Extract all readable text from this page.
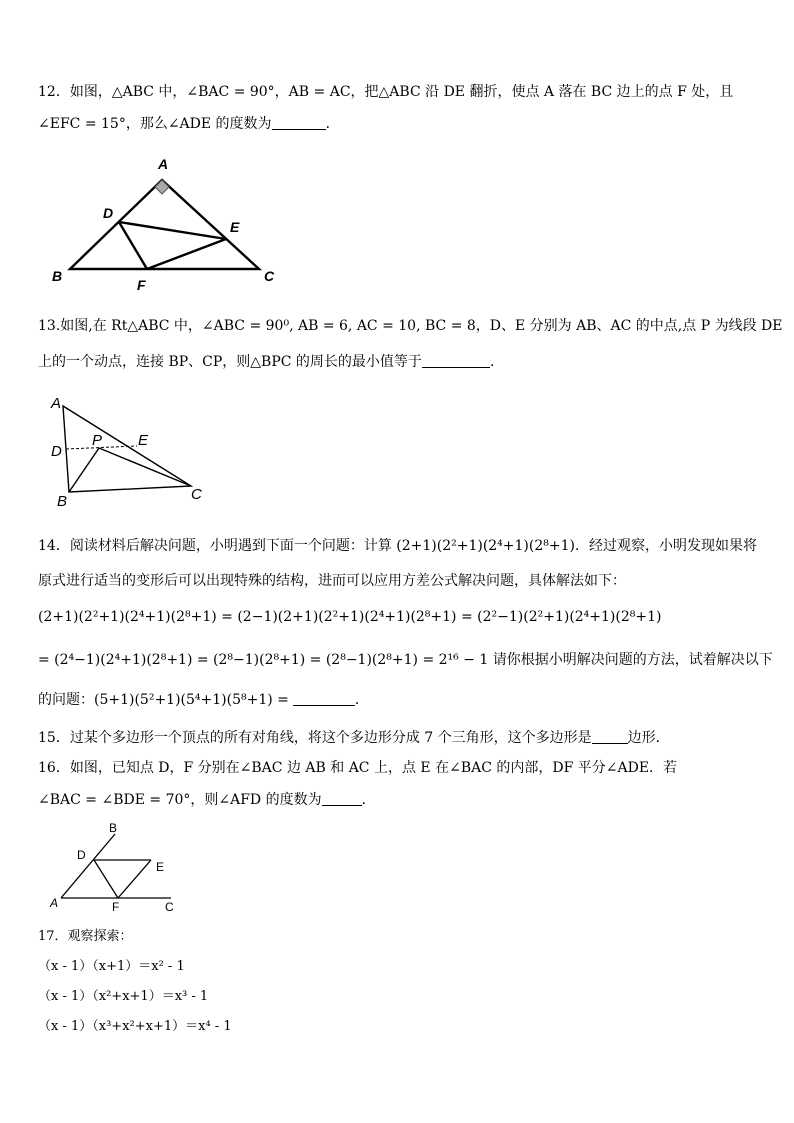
12．如图，△ABC 中，∠BAC = 90°，AB = AC，把△ABC 沿 DE 翻折，使点 A 落在 BC 边上的点 F 处，且
∠EFC = 15°，那么∠ADE 的度数为	．
A
B	C
D
E
F
13.如图,在 Rt△ABC 中，∠ABC = 90⁰, AB = 6, AC = 10, BC = 8，D、E 分别为 AB、AC 的中点,点 P 为线段 DE
上的一个动点，连接 BP、CP，则△BPC 的周长的最小值等于	．
A
B	C
D
E
P
14．阅读材料后解决问题，小明遇到下面一个问题：计算 (2+1)(2²+1)(2⁴+1)(2⁸+1)．经过观察，小明发现如果将
原式进行适当的变形后可以出现特殊的结构，进而可以应用方差公式解决问题，具体解法如下：
(2+1)(2²+1)(2⁴+1)(2⁸+1) = (2−1)(2+1)(2²+1)(2⁴+1)(2⁸+1) = (2²−1)(2²+1)(2⁴+1)(2⁸+1)
= (2⁴−1)(2⁴+1)(2⁸+1) = (2⁸−1)(2⁸+1) = (2⁸−1)(2⁸+1) = 2¹⁶ − 1 请你根据小明解决问题的方法，试着解决以下
的问题：(5+1)(5²+1)(5⁴+1)(5⁸+1) =	．
15．过某个多边形一个顶点的所有对角线，将这个多边形分成 7 个三角形，这个多边形是	边形．
16．如图，已知点 D，F 分别在∠BAC 边 AB 和 AC 上，点 E 在∠BAC 的内部，DF 平分∠ADE．若
∠BAC = ∠BDE = 70°，则∠AFD 的度数为	．
A
B
C
D
E
F
17．观察探索：
（x - 1）（x+1）＝x² - 1
（x - 1）（x²+x+1）＝x³ - 1
（x - 1）（x³+x²+x+1）＝x⁴ - 1
